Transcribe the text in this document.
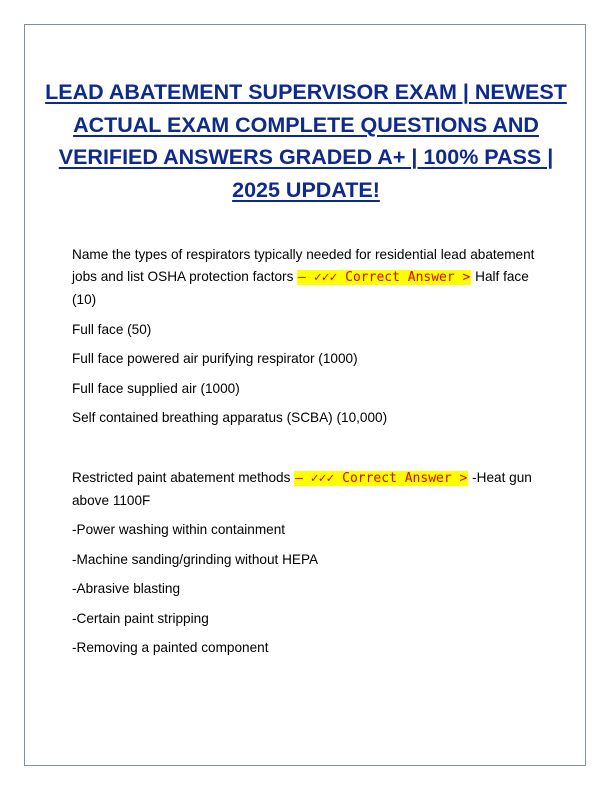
LEAD ABATEMENT SUPERVISOR EXAM | NEWEST ACTUAL EXAM COMPLETE QUESTIONS AND VERIFIED ANSWERS GRADED A+ | 100% PASS | 2025 UPDATE!

Name the types of respirators typically needed for residential lead abatement jobs and list OSHA protection factors – ✓✓✓ Correct Answer > Half face (10)

Full face (50)

Full face powered air purifying respirator (1000)

Full face supplied air (1000)

Self contained breathing apparatus (SCBA) (10,000)

Restricted paint abatement methods – ✓✓✓ Correct Answer > -Heat gun above 1100F

-Power washing within containment

-Machine sanding/grinding without HEPA

-Abrasive blasting

-Certain paint stripping

-Removing a painted component
